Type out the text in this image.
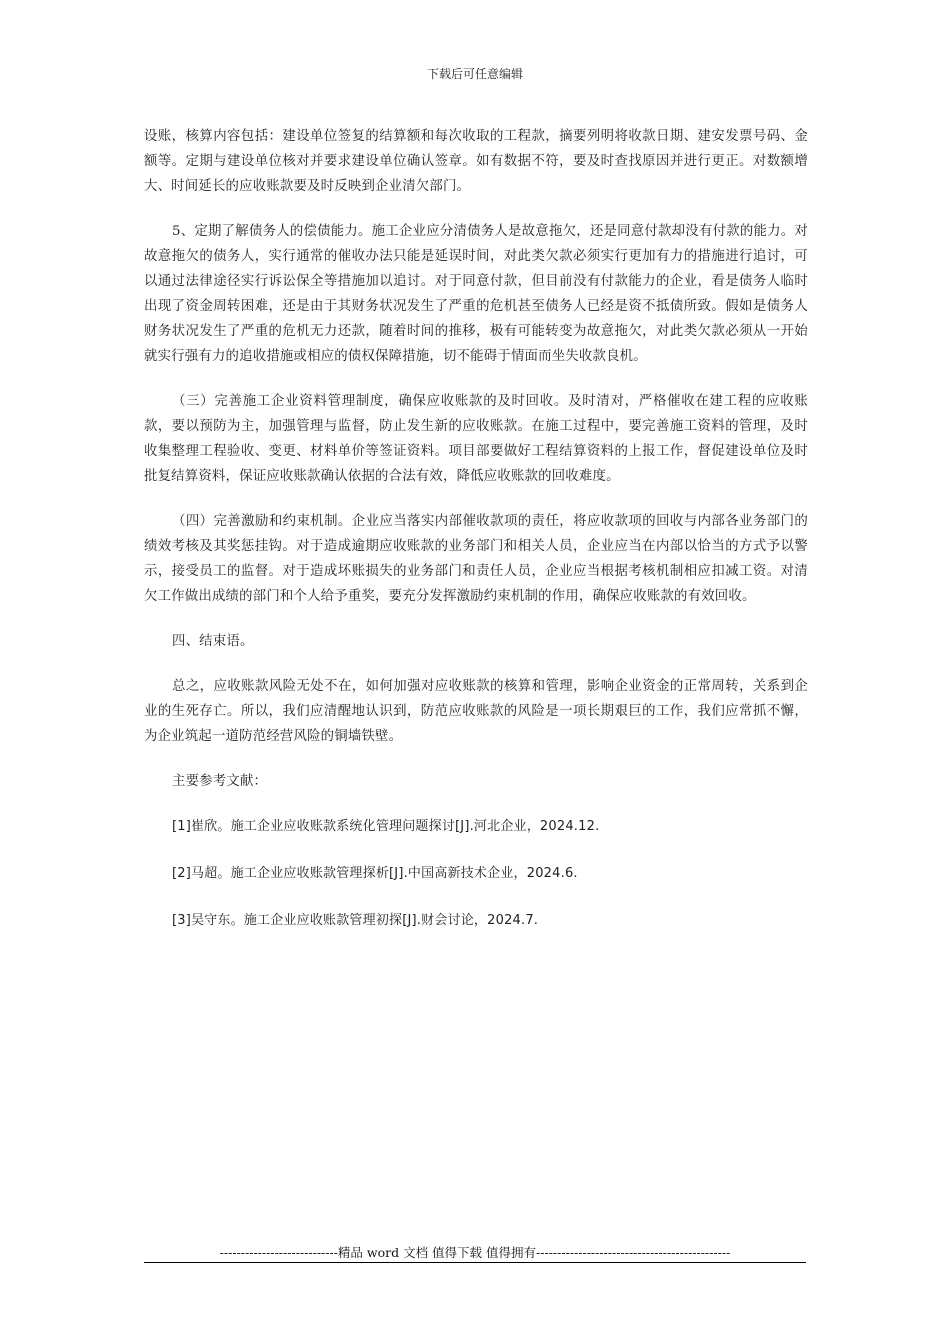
下载后可任意编辑

设账，核算内容包括：建设单位签复的结算额和每次收取的工程款，摘要列明将收款日期、建安发票号码、金额等。定期与建设单位核对并要求建设单位确认签章。如有数据不符，要及时查找原因并进行更正。对数额增大、时间延长的应收账款要及时反映到企业清欠部门。

5、定期了解债务人的偿债能力。施工企业应分清债务人是故意拖欠，还是同意付款却没有付款的能力。对故意拖欠的债务人，实行通常的催收办法只能是延误时间，对此类欠款必须实行更加有力的措施进行追讨，可以通过法律途径实行诉讼保全等措施加以追讨。对于同意付款，但目前没有付款能力的企业，看是债务人临时出现了资金周转困难，还是由于其财务状况发生了严重的危机甚至债务人已经是资不抵债所致。假如是债务人财务状况发生了严重的危机无力还款，随着时间的推移，极有可能转变为故意拖欠，对此类欠款必须从一开始就实行强有力的追收措施或相应的债权保障措施，切不能碍于情面而坐失收款良机。

（三）完善施工企业资料管理制度，确保应收账款的及时回收。及时清对，严格催收在建工程的应收账款，要以预防为主，加强管理与监督，防止发生新的应收账款。在施工过程中，要完善施工资料的管理，及时收集整理工程验收、变更、材料单价等签证资料。项目部要做好工程结算资料的上报工作，督促建设单位及时批复结算资料，保证应收账款确认依据的合法有效，降低应收账款的回收难度。

（四）完善激励和约束机制。企业应当落实内部催收款项的责任，将应收款项的回收与内部各业务部门的绩效考核及其奖惩挂钩。对于造成逾期应收账款的业务部门和相关人员，企业应当在内部以恰当的方式予以警示，接受员工的监督。对于造成坏账损失的业务部门和责任人员，企业应当根据考核机制相应扣减工资。对清欠工作做出成绩的部门和个人给予重奖，要充分发挥激励约束机制的作用，确保应收账款的有效回收。

四、结束语。

总之，应收账款风险无处不在，如何加强对应收账款的核算和管理，影响企业资金的正常周转，关系到企业的生死存亡。所以，我们应清醒地认识到，防范应收账款的风险是一项长期艰巨的工作，我们应常抓不懈，为企业筑起一道防范经营风险的铜墙铁壁。

主要参考文献：

[1]崔欣。施工企业应收账款系统化管理问题探讨[J].河北企业，2024.12.

[2]马超。施工企业应收账款管理探析[J].中国高新技术企业，2024.6.

[3]吴守东。施工企业应收账款管理初探[J].财会讨论，2024.7.

----------------------------精品 word 文档 值得下载 值得拥有----------------------------------------------
